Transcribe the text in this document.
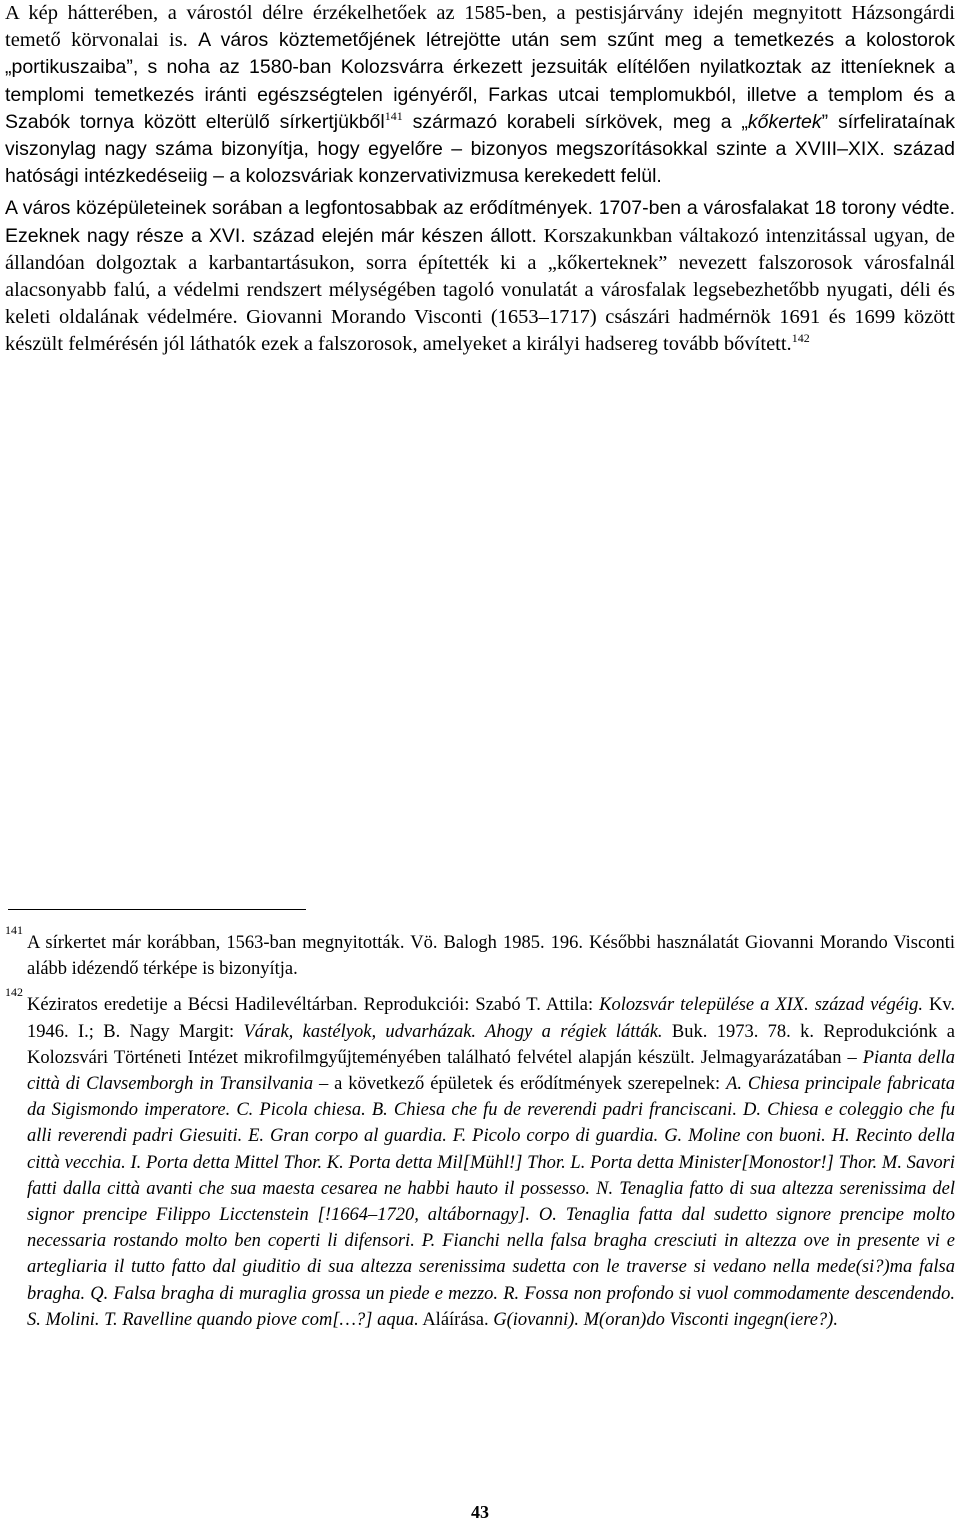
A kép hátterében, a várostól délre érzékelhetőek az 1585-ben, a pestisjárvány idején megnyitott Házsongárdi temető körvonalai is. A város köztemetőjének létrejötte után sem szűnt meg a temetkezés a kolostorok „portikuszaiba”, s noha az 1580-ban Kolozsvárra érkezett jezsuiták elítélően nyilatkoztak az itteníeknek a templomi temetkezés iránti egészségtelen igényéről, Farkas utcai templomukból, illetve a templom és a Szabók tornya között elterülő sírkertjükből$^{141}$ származó korabeli sírkövek, meg a „kőkertek” sírfelirataínak viszonylag nagy száma bizonyítja, hogy egyelőre – bizonyos megszorításokkal szinte a XVIII–XIX. század hatósági intézkedéseiig – a kolozsváriak konzervativizmusa kerekedett felül.

A város középületeinek sorában a legfontosabbak az erődítmények. 1707-ben a városfalakat 18 torony védte. Ezeknek nagy része a XVI. század elején már készen állott. Korszakunkban váltakozó intenzitással ugyan, de állandóan dolgoztak a karbantartásukon, sorra építették ki a „kőkerteknek” nevezett falszorosok városfalnál alacsonyabb falú, a védelmi rendszert mélységében tagoló vonulatát a városfalak legsebezhetőbb nyugati, déli és keleti oldalának védelmére. Giovanni Morando Visconti (1653–1717) császári hadmérnök 1691 és 1699 között készült felmérésén jól láthatók ezek a falszorosok, amelyeket a királyi hadsereg tovább bővített.$^{142}$

141
A sírkertet már korábban, 1563-ban megnyitották. Vö. Balogh 1985. 196. Későbbi használatát Giovanni Morando Visconti alább idézendő térképe is bizonyítja.
142
Kéziratos eredetije a Bécsi Hadilevéltárban. Reprodukciói: Szabó T. Attila: Kolozsvár települése a XIX. század végéig. Kv. 1946. I.; B. Nagy Margit: Várak, kastélyok, udvarházak. Ahogy a régiek látták. Buk. 1973. 78. k. Reprodukciónk a Kolozsvári Történeti Intézet mikrofilmgyűjteményében található felvétel alapján készült. Jelmagyarázatában – Pianta della città di Clavsemborgh in Transilvania – a következő épületek és erődítmények szerepelnek: A. Chiesa principale fabricata da Sigismondo imperatore. C. Picola chiesa. B. Chiesa che fu de reverendi padri franciscani. D. Chiesa e coleggio che fu alli reverendi padri Giesuiti. E. Gran corpo al guardia. F. Picolo corpo di guardia. G. Moline con buoni. H. Recinto della città vecchia. I. Porta detta Mittel Thor. K. Porta detta Mil[Mühl!] Thor. L. Porta detta Minister[Monostor!] Thor. M. Savori fatti dalla città avanti che sua maesta cesarea ne habbi hauto il possesso. N. Tenaglia fatto di sua altezza serenissima del signor prencipe Filippo Licctenstein [!1664–1720, altábornagy]. O. Tenaglia fatta dal sudetto signore prencipe molto necessaria rostando molto ben coperti li difensori. P. Fianchi nella falsa bragha cresciuti in altezza ove in presente vi e artegliaria il tutto fatto dal giuditio di sua altezza serenissima sudetta con le traverse si vedano nella mede(si?)ma falsa bragha. Q. Falsa bragha di muraglia grossa un piede e mezzo. R. Fossa non profondo si vuol commodamente descendendo. S. Molini. T. Ravelline quando piove com[…?] aqua. Aláírása. G(iovanni). M(oran)do Visconti ingegn(iere?).
43
